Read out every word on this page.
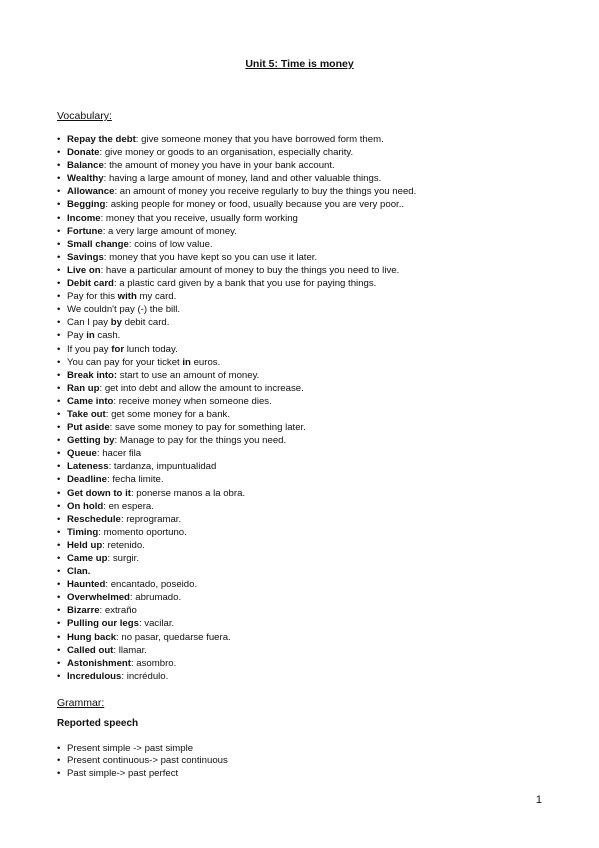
Unit 5: Time is money
Vocabulary:
• Repay the debt: give someone money that you have borrowed form them.
• Donate: give money or goods to an organisation, especially charity.
• Balance: the amount of money you have in your bank account.
• Wealthy: having a large amount of money, land and other valuable things.
• Allowance: an amount of money you receive regularly to buy the things you need.
• Begging: asking people for money or food, usually because you are very poor..
• Income: money that you receive, usually form working
• Fortune: a very large amount of money.
• Small change: coins of low value.
• Savings: money that you have kept so you can use it later.
• Live on: have a particular amount of money to buy the things you need to live.
• Debit card: a plastic card given by a bank that you use for paying things.
• Pay for this with my card.
• We couldn't pay (-) the bill.
• Can I pay by debit card.
• Pay in cash.
• If you pay for lunch today.
• You can pay for your ticket in euros.
• Break into: start to use an amount of money.
• Ran up: get into debt and allow the amount to increase.
• Came into: receive money when someone dies.
• Take out: get some money for a bank.
• Put aside: save some money to pay for something later.
• Getting by: Manage to pay for the things you need.
• Queue: hacer fila
• Lateness: tardanza, impuntualidad
• Deadline: fecha limite.
• Get down to it: ponerse manos a la obra.
• On hold: en espera.
• Reschedule: reprogramar.
• Timing: momento oportuno.
• Held up: retenido.
• Came up: surgir.
• Clan.
• Haunted: encantado, poseido.
• Overwhelmed: abrumado.
• Bizarre: extraño
• Pulling our legs: vacilar.
• Hung back: no pasar, quedarse fuera.
• Called out: llamar.
• Astonishment: asombro.
• Incredulous: incrédulo.
Grammar:
Reported speech
• Present simple -> past simple
• Present continuous-> past continuous
• Past simple-> past perfect
1
